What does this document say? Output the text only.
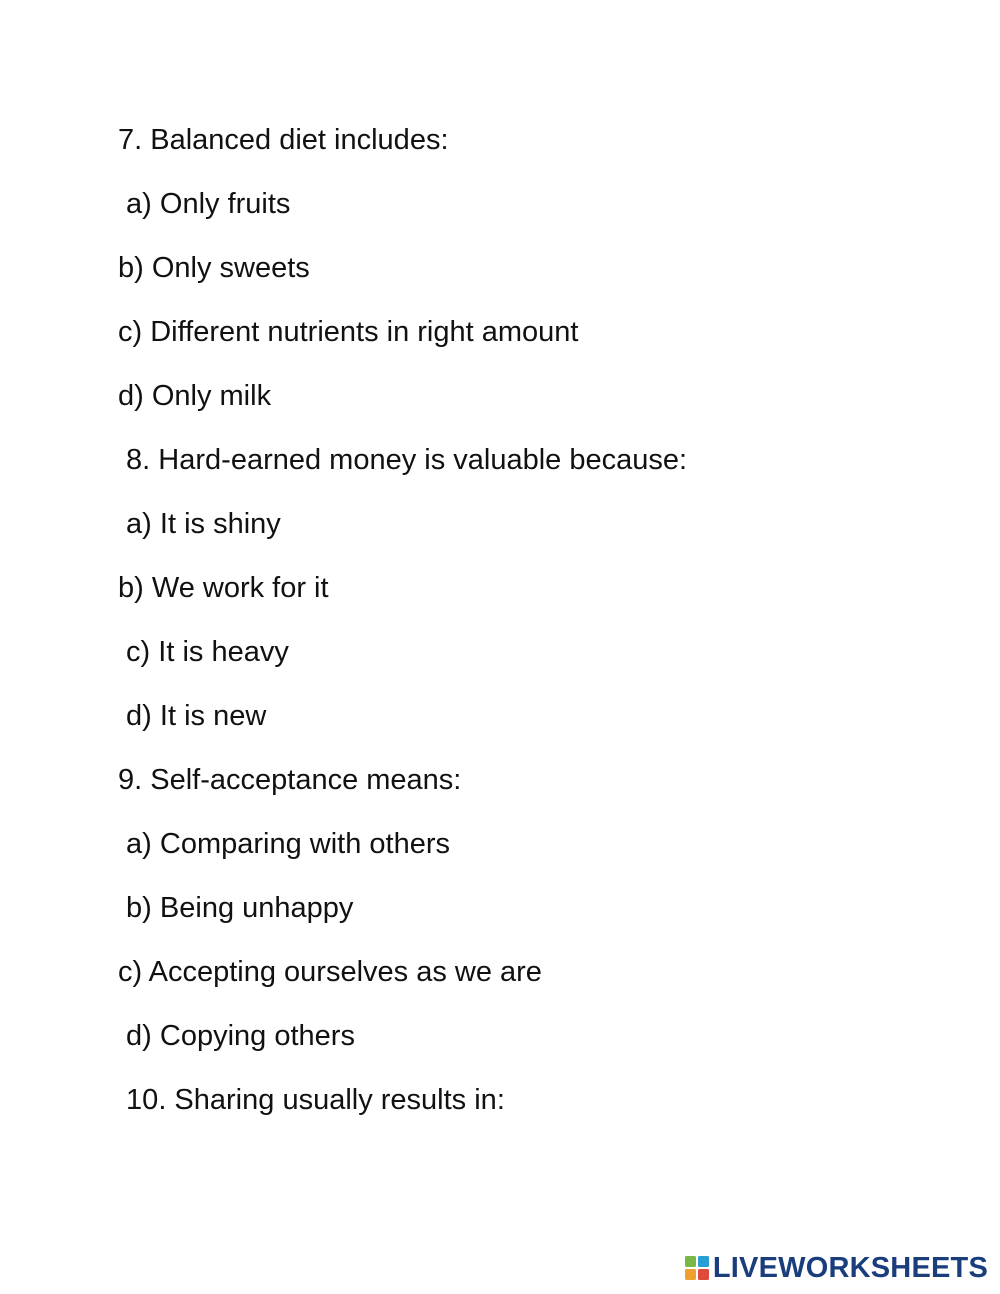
7. Balanced diet includes:
a) Only fruits
b) Only sweets
c) Different nutrients in right amount
d) Only milk
8. Hard-earned money is valuable because:
a) It is shiny
b) We work for it
c) It is heavy
d) It is new
9. Self-acceptance means:
a) Comparing with others
b) Being unhappy
c) Accepting ourselves as we are
d) Copying others
10. Sharing usually results in:
LIVEWORKSHEETS
